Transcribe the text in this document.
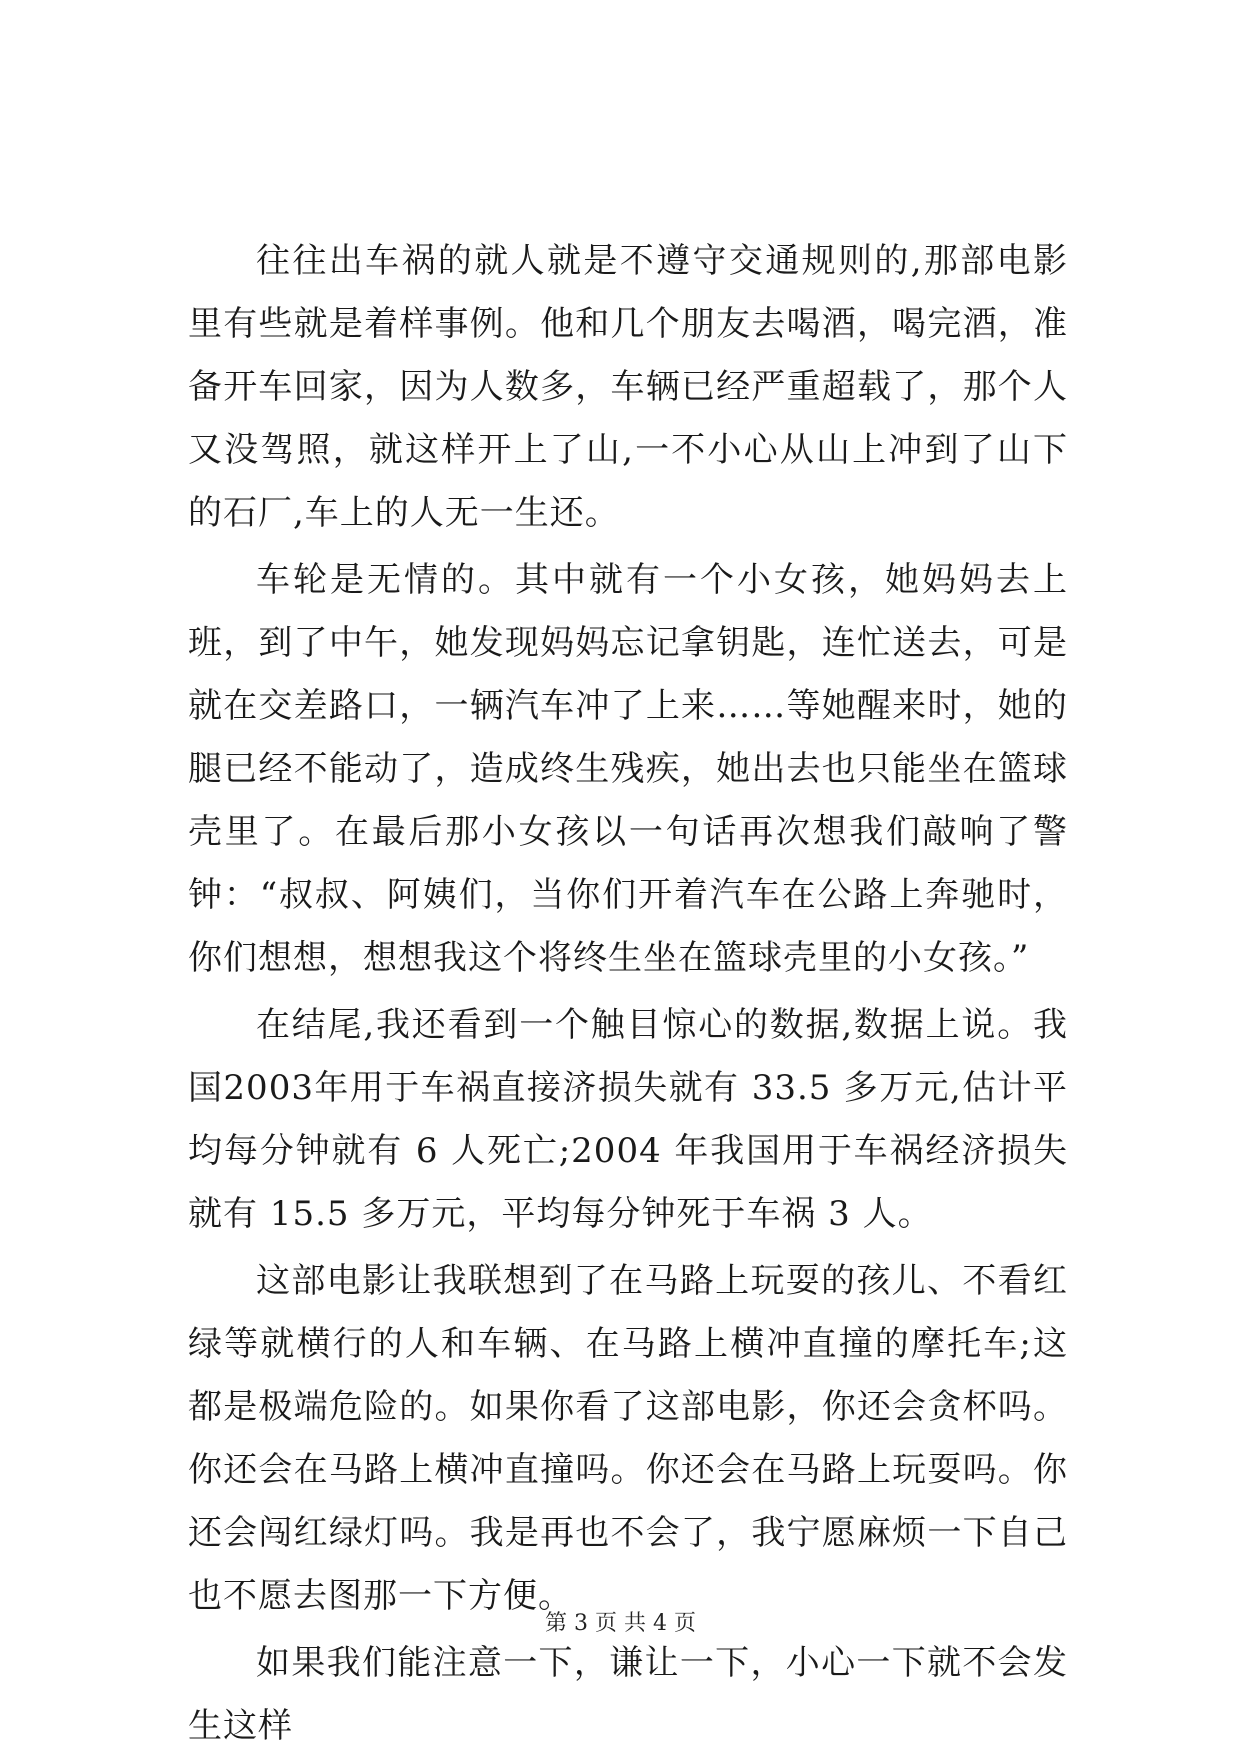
往往出车祸的就人就是不遵守交通规则的,那部电影里有些就是着样事例。他和几个朋友去喝酒，喝完酒，准备开车回家，因为人数多，车辆已经严重超载了，那个人又没驾照，就这样开上了山,一不小心从山上冲到了山下的石厂,车上的人无一生还。

车轮是无情的。其中就有一个小女孩，她妈妈去上班，到了中午，她发现妈妈忘记拿钥匙，连忙送去，可是就在交差路口，一辆汽车冲了上来……等她醒来时，她的腿已经不能动了，造成终生残疾，她出去也只能坐在篮球壳里了。在最后那小女孩以一句话再次想我们敲响了警钟：“叔叔、阿姨们，当你们开着汽车在公路上奔驰时，你们想想，想想我这个将终生坐在篮球壳里的小女孩。”

在结尾,我还看到一个触目惊心的数据,数据上说。我国2003年用于车祸直接济损失就有 33.5 多万元,估计平均每分钟就有 6 人死亡;2004 年我国用于车祸经济损失就有 15.5 多万元，平均每分钟死于车祸 3 人。

这部电影让我联想到了在马路上玩耍的孩儿、不看红绿等就横行的人和车辆、在马路上横冲直撞的摩托车;这都是极端危险的。如果你看了这部电影，你还会贪杯吗。你还会在马路上横冲直撞吗。你还会在马路上玩耍吗。你还会闯红绿灯吗。我是再也不会了，我宁愿麻烦一下自己也不愿去图那一下方便。

如果我们能注意一下，谦让一下，小心一下就不会发生这样

第 3 页 共 4 页
